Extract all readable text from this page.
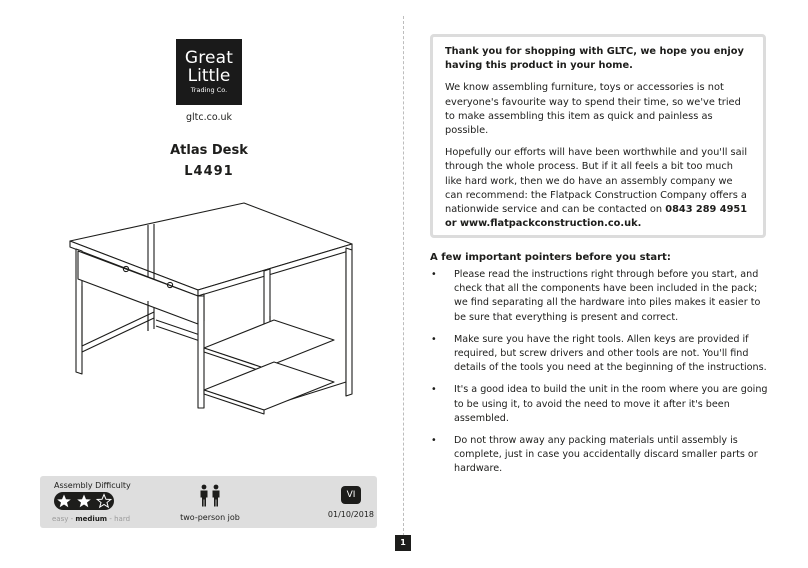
Great
Little
Trading Co.
gltc.co.uk
Atlas Desk
L4491
Assembly Difficulty
easy - medium - hard	two-person job
VI
01/10/2018
1

Thank you for shopping with GLTC, we hope you enjoy having this product in your home.

We know assembling furniture, toys or accessories is not everyone's favourite way to spend their time, so we've tried to make assembling this item as quick and painless as possible.

Hopefully our efforts will have been worthwhile and you'll sail through the whole process. But if it all feels a bit too much like hard work, then we do have an assembly company we can recommend: the Flatpack Construction Company offers a nationwide service and can be contacted on 0843 289 4951 or www.flatpackconstruction.co.uk.

A few important pointers before you start:
• Please read the instructions right through before you start, and check that all the components have been included in the pack; we find separating all the hardware into piles makes it easier to be sure that everything is present and correct.
• Make sure you have the right tools. Allen keys are provided if required, but screw drivers and other tools are not. You'll find details of the tools you need at the beginning of the instructions.
• It's a good idea to build the unit in the room where you are going to be using it, to avoid the need to move it after it's been assembled.
• Do not throw away any packing materials until assembly is complete, just in case you accidentally discard smaller parts or hardware.
